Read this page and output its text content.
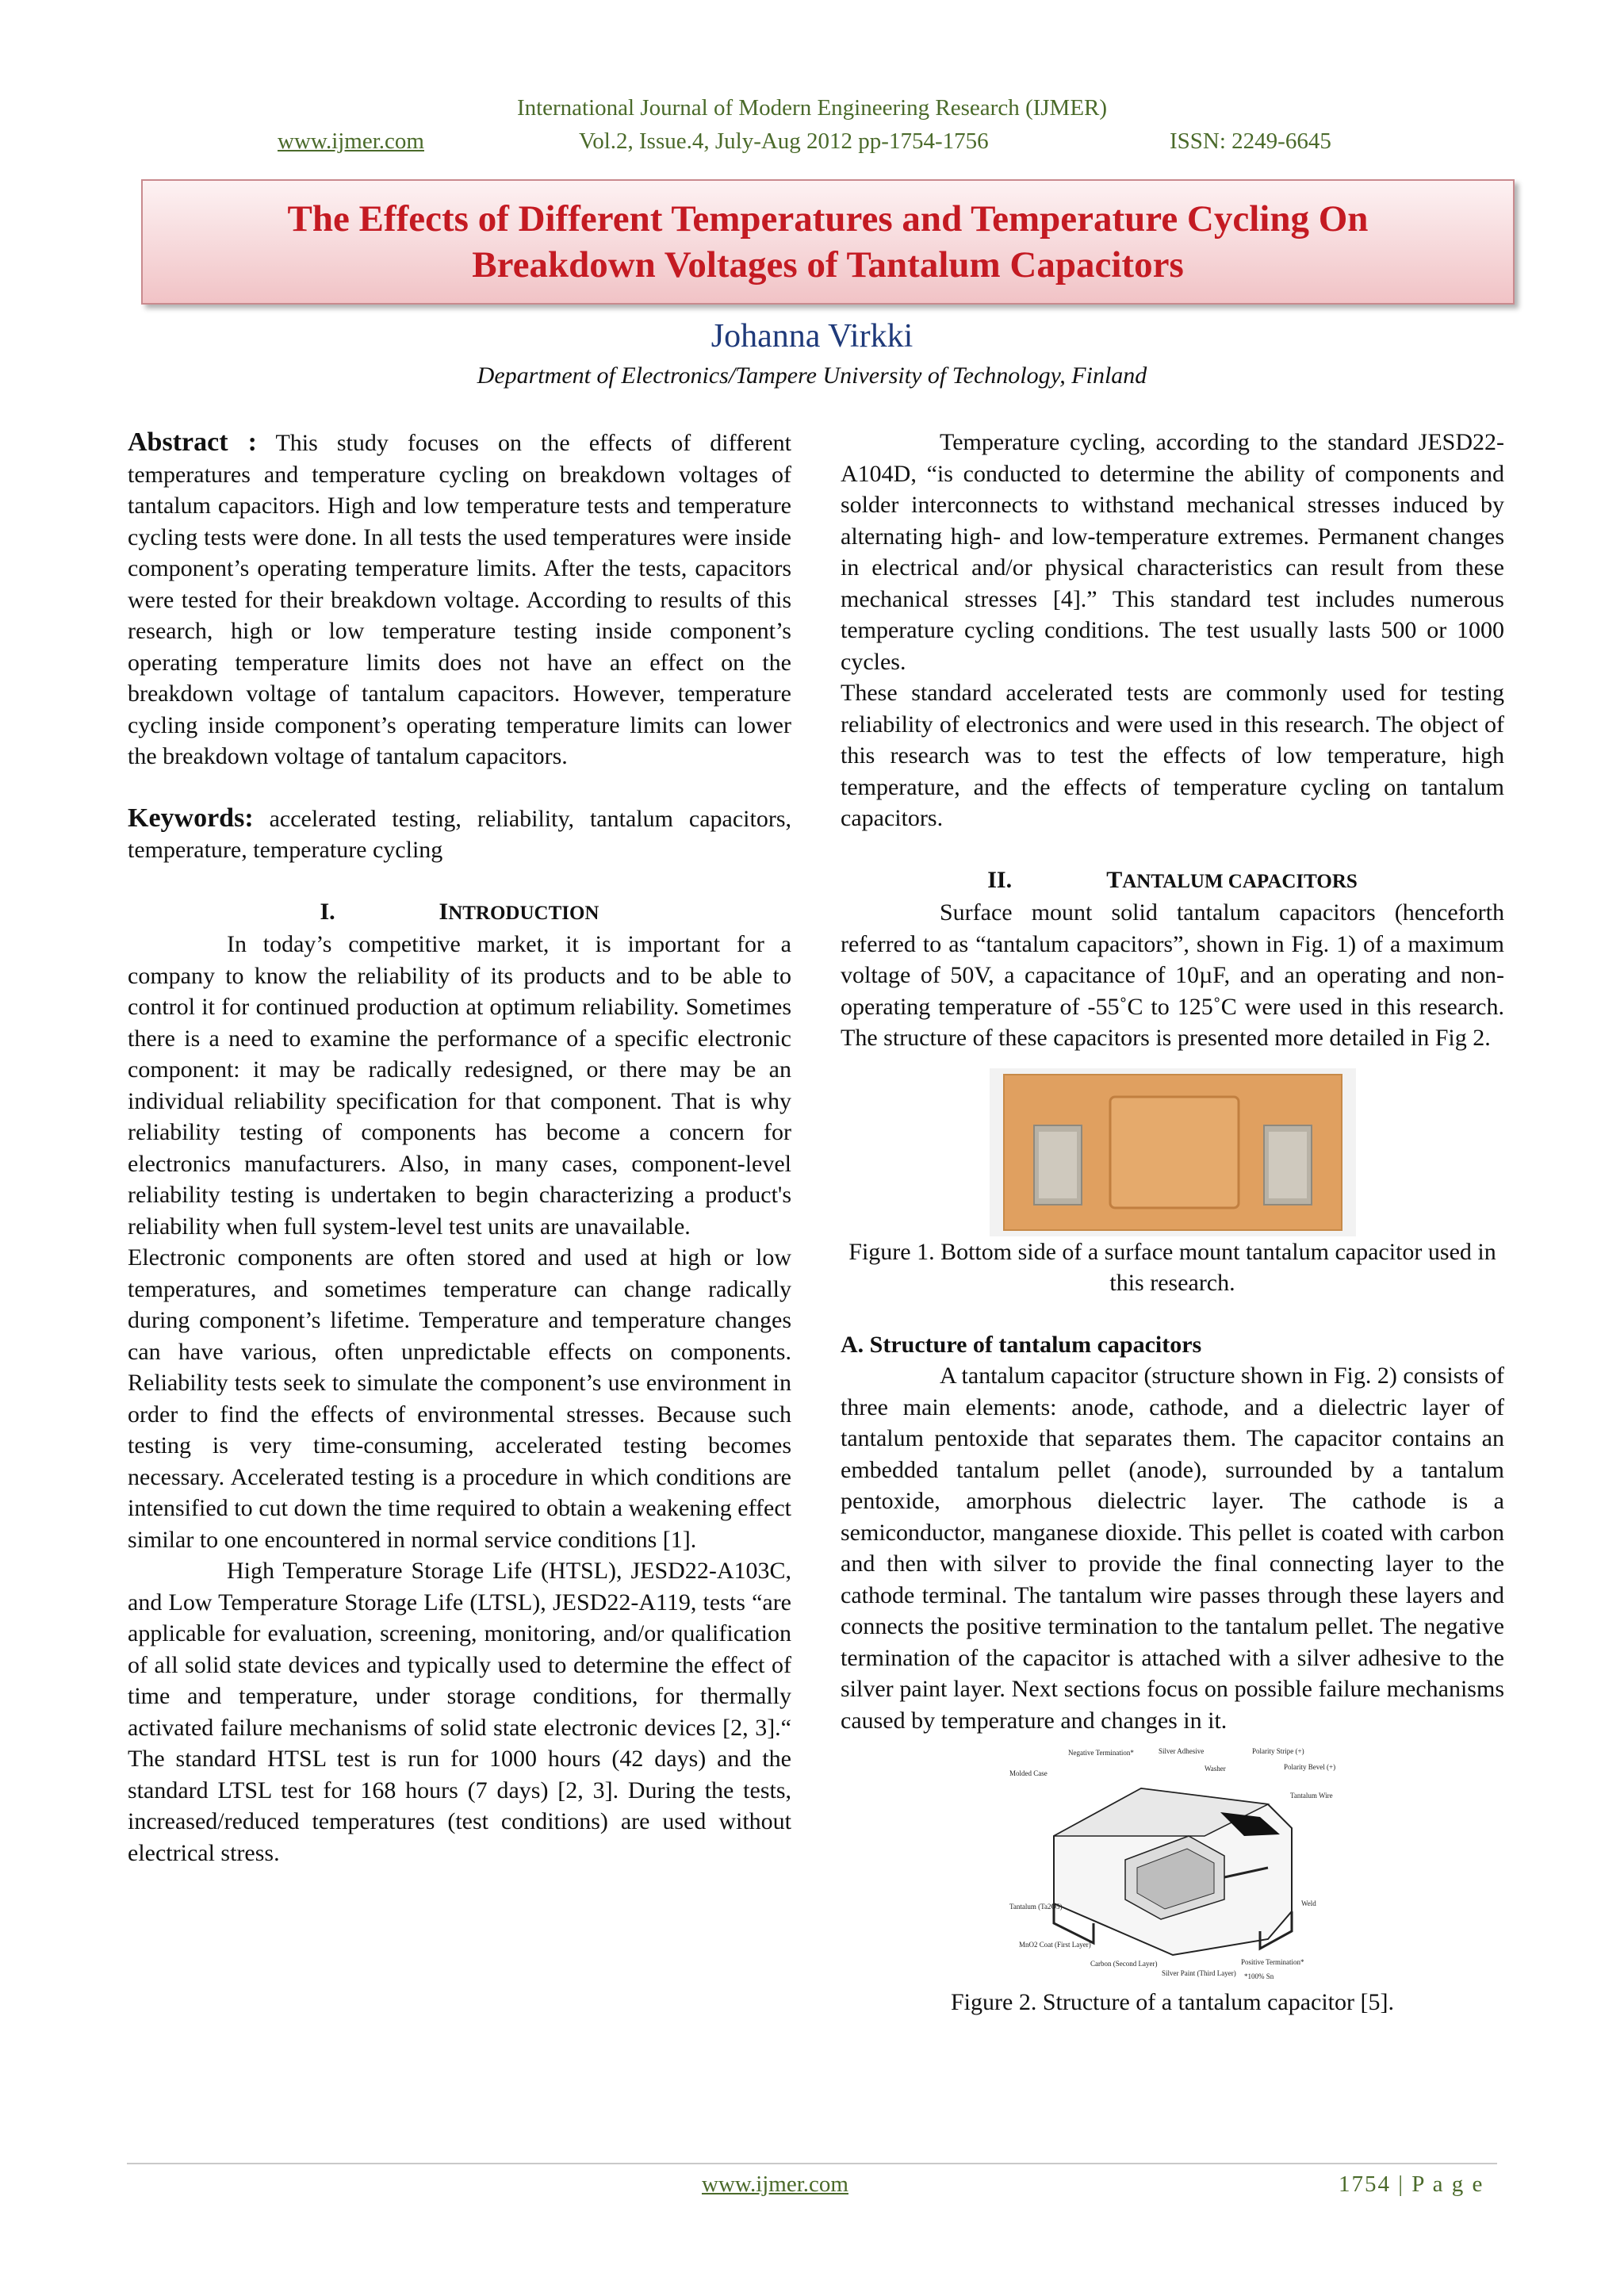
International Journal of Modern Engineering Research (IJMER)
www.ijmer.com	Vol.2, Issue.4, July-Aug 2012 pp-1754-1756	ISSN: 2249-6645
The Effects of Different Temperatures and Temperature Cycling On
Breakdown Voltages of Tantalum Capacitors
Johanna Virkki
Department of Electronics/Tampere University of Technology, Finland

Abstract : This study focuses on the effects of different temperatures and temperature cycling on breakdown voltages of tantalum capacitors. High and low temperature tests and temperature cycling tests were done. In all tests the used temperatures were inside component’s operating temperature limits. After the tests, capacitors were tested for their breakdown voltage. According to results of this research, high or low temperature testing inside component’s operating temperature limits does not have an effect on the breakdown voltage of tantalum capacitors. However, temperature cycling inside component’s operating temperature limits can lower the breakdown voltage of tantalum capacitors.

Keywords: accelerated testing, reliability, tantalum capacitors, temperature, temperature cycling

I.	INTRODUCTION

In today’s competitive market, it is important for a company to know the reliability of its products and to be able to control it for continued production at optimum reliability. Sometimes there is a need to examine the performance of a specific electronic component: it may be radically redesigned, or there may be an individual reliability specification for that component. That is why reliability testing of components has become a concern for electronics manufacturers. Also, in many cases, component-level reliability testing is undertaken to begin characterizing a product's reliability when full system-level test units are unavailable.

Electronic components are often stored and used at high or low temperatures, and sometimes temperature can change radically during component’s lifetime. Temperature and temperature changes can have various, often unpredictable effects on components. Reliability tests seek to simulate the component’s use environment in order to find the effects of environmental stresses. Because such testing is very time-consuming, accelerated testing becomes necessary. Accelerated testing is a procedure in which conditions are intensified to cut down the time required to obtain a weakening effect similar to one encountered in normal service conditions [1].

High Temperature Storage Life (HTSL), JESD22-A103C, and Low Temperature Storage Life (LTSL), JESD22-A119, tests “are applicable for evaluation, screening, monitoring, and/or qualification of all solid state devices and typically used to determine the effect of time and temperature, under storage conditions, for thermally activated failure mechanisms of solid state electronic devices [2, 3].“ The standard HTSL test is run for 1000 hours (42 days) and the standard LTSL test for 168 hours (7 days) [2, 3]. During the tests, increased/reduced temperatures (test conditions) are used without electrical stress.

Temperature cycling, according to the standard JESD22-A104D, “is conducted to determine the ability of components and solder interconnects to withstand mechanical stresses induced by alternating high- and low-temperature extremes. Permanent changes in electrical and/or physical characteristics can result from these mechanical stresses [4].” This standard test includes numerous temperature cycling conditions. The test usually lasts 500 or 1000 cycles.

These standard accelerated tests are commonly used for testing reliability of electronics and were used in this research. The object of this research was to test the effects of low temperature, high temperature, and the effects of temperature cycling on tantalum capacitors.

II.	TANTALUM CAPACITORS

Surface mount solid tantalum capacitors (henceforth referred to as “tantalum capacitors”, shown in Fig. 1) of a maximum voltage of 50V, a capacitance of 10µF, and an operating and non-operating temperature of -55˚C to 125˚C were used in this research. The structure of these capacitors is presented more detailed in Fig 2.

Figure 1. Bottom side of a surface mount tantalum capacitor used in this research.

A. Structure of tantalum capacitors

A tantalum capacitor (structure shown in Fig. 2) consists of three main elements: anode, cathode, and a dielectric layer of tantalum pentoxide that separates them. The capacitor contains an embedded tantalum pellet (anode), surrounded by a tantalum pentoxide, amorphous dielectric layer. The cathode is a semiconductor, manganese dioxide. This pellet is coated with carbon and then with silver to provide the final connecting layer to the cathode terminal. The tantalum wire passes through these layers and connects the positive termination to the tantalum pellet. The negative termination of the capacitor is attached with a silver adhesive to the silver paint layer. Next sections focus on possible failure mechanisms caused by temperature and changes in it.

Negative Termination*	Silver Adhesive	Polarity Stripe (+)
Polarity Bevel (+)
Molded Case
Washer
Tantalum Wire
Tantalum (Ta2O5)	Weld
MnO2 Coat (First Layer)
Carbon (Second Layer)
Silver Paint (Third Layer)
Positive Termination*
*100% Sn

Figure 2. Structure of a tantalum capacitor [5].

www.ijmer.com	1754 | P a g e
